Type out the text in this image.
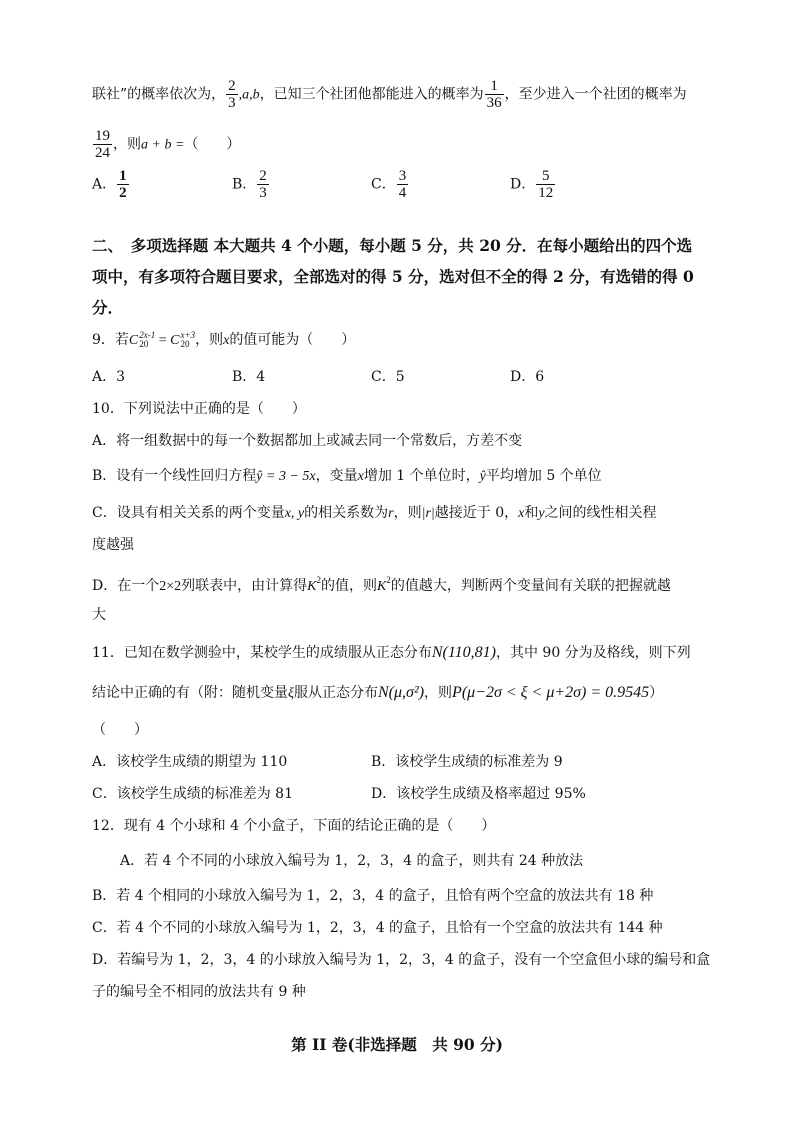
联社”的概率依次为， $\frac{2}{3} ,a,b$，已知三个社团他都能进入的概率为 $\frac{1}{36}$ ，至少进入一个社团的概率为
$\frac{19}{24}$ ，则a + b =（　　）
A． $\frac{1}{2}$	B． $\frac{2}{3}$	C． $\frac{3}{4}$	D． $\frac{5}{12}$
二、　多项选择题 本大题共 4 个小题，每小题 5 分，共 20 分．在每小题给出的四个选项中，有多项符合题目要求，全部选对的得 5 分，选对但不全的得 2 分，有选错的得 0 分．
9．若C 2x-1
20 = C x+3
20 ，则x的值可能为（　　）
A．3	B．4	C．5	D．6
10．下列说法中正确的是（　　）
A．将一组数据中的每一个数据都加上或减去同一个常数后，方差不变
B．设有一个线性回归方程ŷ = 3 − 5x，变量x增加 1 个单位时，ŷ平均增加 5 个单位
C．设具有相关关系的两个变量x, y的相关系数为r，则|r|越接近于 0，x和y之间的线性相关程
度越强
D．在一个2×2列联表中，由计算得$K^2$的值，则$K^2$的值越大，判断两个变量间有关联的把握就越
大
11．已知在数学测验中，某校学生的成绩服从正态分布N(110,81)，其中 90 分为及格线，则下列
结论中正确的有（附：随机变量ξ服从正态分布N(μ,σ²)，则P(μ−2σ < ξ < μ+2σ) = 0.9545）
（　　）
A．该校学生成绩的期望为 110	B．该校学生成绩的标准差为 9
C．该校学生成绩的标准差为 81	D．该校学生成绩及格率超过 95%
12．现有 4 个小球和 4 个小盒子，下面的结论正确的是（　　）
A．若 4 个不同的小球放入编号为 1，2，3，4 的盒子，则共有 24 种放法
B．若 4 个相同的小球放入编号为 1，2，3，4 的盒子，且恰有两个空盒的放法共有 18 种
C．若 4 个不同的小球放入编号为 1，2，3，4 的盒子，且恰有一个空盒的放法共有 144 种
D．若编号为 1，2，3，4 的小球放入编号为 1，2，3，4 的盒子，没有一个空盒但小球的编号和盒
子的编号全不相同的放法共有 9 种
第 II 卷(非选择题　共 90 分)
